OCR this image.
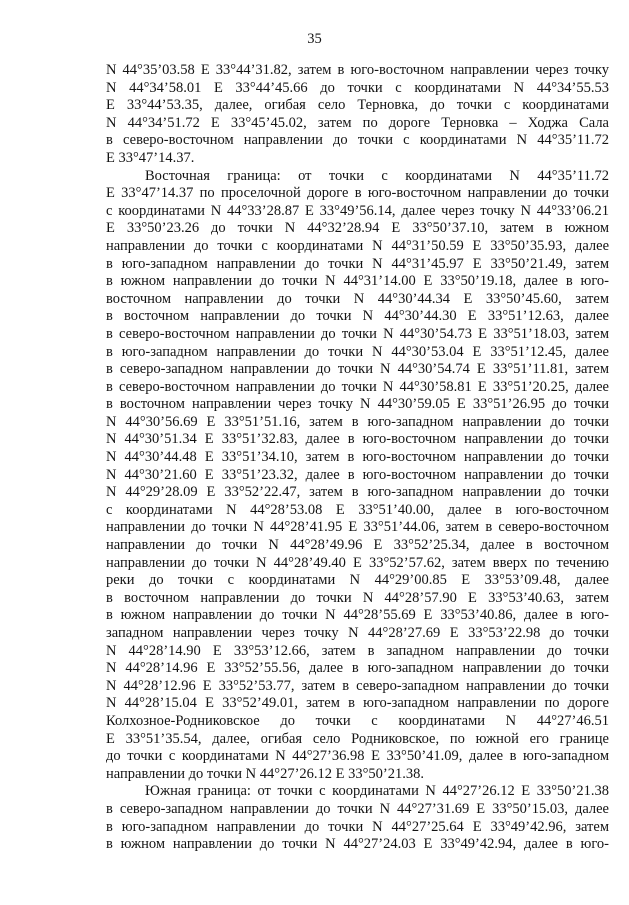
35
N 44°35’03.58 E 33°44’31.82, затем в юго-восточном направлении через точку
N 44°34’58.01 E 33°44’45.66 до точки с координатами N 44°34’55.53
E 33°44’53.35, далее, огибая село Терновка, до точки с координатами
N 44°34’51.72 E 33°45’45.02, затем по дороге Терновка – Ходжа Сала
в северо-восточном направлении до точки с координатами N 44°35’11.72
E 33°47’14.37.
Восточная граница: от точки с координатами N 44°35’11.72
E 33°47’14.37 по проселочной дороге в юго-восточном направлении до точки
с координатами N 44°33’28.87 E 33°49’56.14, далее через точку N 44°33’06.21
E 33°50’23.26 до точки N 44°32’28.94 E 33°50’37.10, затем в южном
направлении до точки с координатами N 44°31’50.59 E 33°50’35.93, далее
в юго-западном направлении до точки N 44°31’45.97 E 33°50’21.49, затем
в южном направлении до точки N 44°31’14.00 E 33°50’19.18, далее в юго-
восточном направлении до точки N 44°30’44.34 E 33°50’45.60, затем
в восточном направлении до точки N 44°30’44.30 E 33°51’12.63, далее
в северо-восточном направлении до точки N 44°30’54.73 E 33°51’18.03, затем
в юго-западном направлении до точки N 44°30’53.04 E 33°51’12.45, далее
в северо-западном направлении до точки N 44°30’54.74 E 33°51’11.81, затем
в северо-восточном направлении до точки N 44°30’58.81 E 33°51’20.25, далее
в восточном направлении через точку N 44°30’59.05 E 33°51’26.95 до точки
N 44°30’56.69 E 33°51’51.16, затем в юго-западном направлении до точки
N 44°30’51.34 E 33°51’32.83, далее в юго-восточном направлении до точки
N 44°30’44.48 E 33°51’34.10, затем в юго-восточном направлении до точки
N 44°30’21.60 E 33°51’23.32, далее в юго-восточном направлении до точки
N 44°29’28.09 E 33°52’22.47, затем в юго-западном направлении до точки
с координатами N 44°28’53.08 E 33°51’40.00, далее в юго-восточном
направлении до точки N 44°28’41.95 E 33°51’44.06, затем в северо-восточном
направлении до точки N 44°28’49.96 E 33°52’25.34, далее в восточном
направлении до точки N 44°28’49.40 E 33°52’57.62, затем вверх по течению
реки до точки с координатами N 44°29’00.85 E 33°53’09.48, далее
в восточном направлении до точки N 44°28’57.90 E 33°53’40.63, затем
в южном направлении до точки N 44°28’55.69 E 33°53’40.86, далее в юго-
западном направлении через точку N 44°28’27.69 E 33°53’22.98 до точки
N 44°28’14.90 E 33°53’12.66, затем в западном направлении до точки
N 44°28’14.96 E 33°52’55.56, далее в юго-западном направлении до точки
N 44°28’12.96 E 33°52’53.77, затем в северо-западном направлении до точки
N 44°28’15.04 E 33°52’49.01, затем в юго-западном направлении по дороге
Колхозное-Родниковское до точки с координатами N 44°27’46.51
E 33°51’35.54, далее, огибая село Родниковское, по южной его границе
до точки с координатами N 44°27’36.98 E 33°50’41.09, далее в юго-западном
направлении до точки N 44°27’26.12 E 33°50’21.38.
Южная граница: от точки с координатами N 44°27’26.12 E 33°50’21.38
в северо-западном направлении до точки N 44°27’31.69 E 33°50’15.03, далее
в юго-западном направлении до точки N 44°27’25.64 E 33°49’42.96, затем
в южном направлении до точки N 44°27’24.03 E 33°49’42.94, далее в юго-
